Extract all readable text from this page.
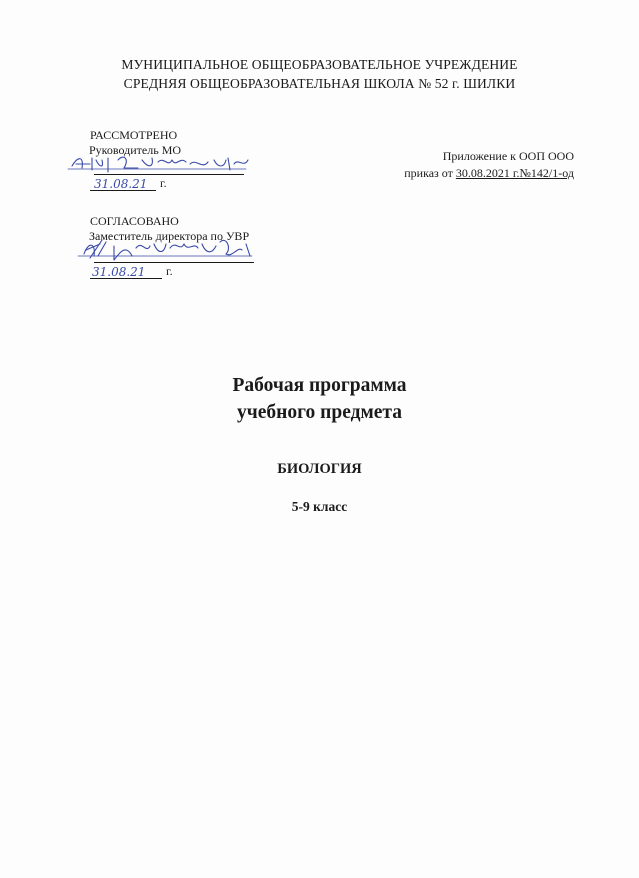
МУНИЦИПАЛЬНОЕ ОБЩЕОБРАЗОВАТЕЛЬНОЕ УЧРЕЖДЕНИЕ
СРЕДНЯЯ ОБЩЕОБРАЗОВАТЕЛЬНАЯ ШКОЛА № 52 г. ШИЛКИ
РАССМОТРЕНО
Руководитель МО
31.08.21 г.
СОГЛАСОВАНО
Заместитель директора по УВР
31.08.21 г.
Приложение к ООП ООО
приказ от 30.08.2021 г.№142/1-од
Рабочая программа
учебного предмета
БИОЛОГИЯ
5-9 класс
